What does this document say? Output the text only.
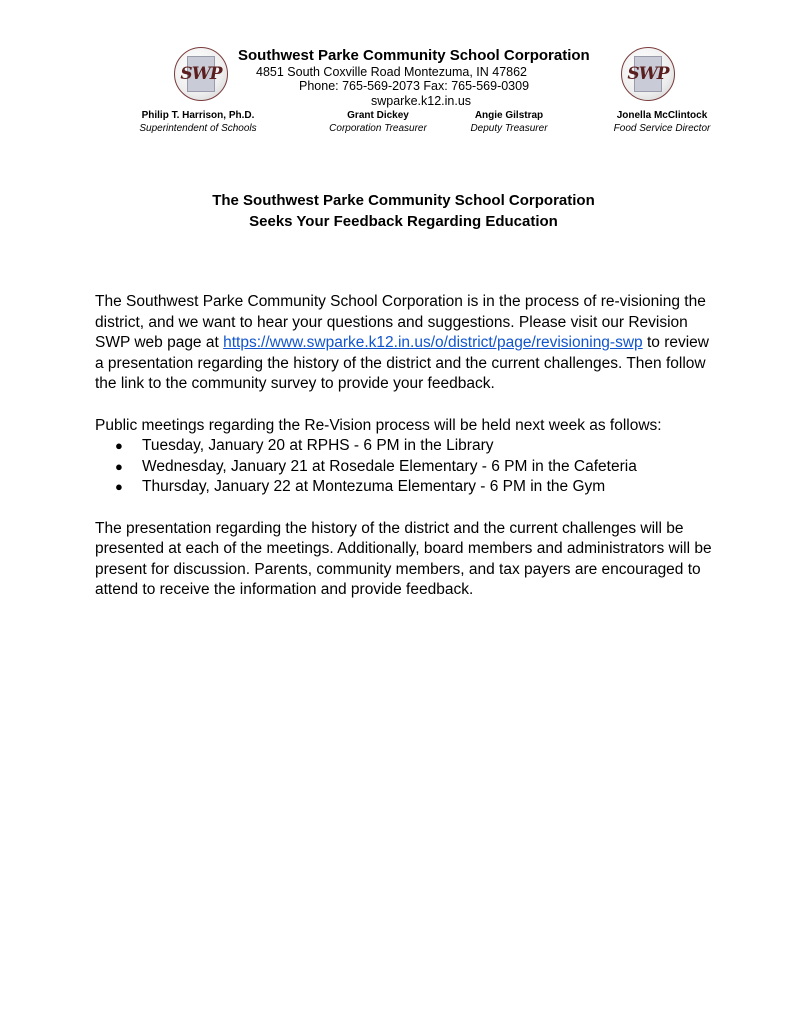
SWP	SWP
Southwest Parke Community School Corporation
4851 South Coxville Road Montezuma, IN 47862
Phone: 765-569-2073 Fax: 765-569-0309
swparke.k12.in.us
Philip T. Harrison, Ph.D.
Superintendent of Schools
Grant Dickey
Corporation Treasurer
Angie Gilstrap
Deputy Treasurer
Jonella McClintock
Food Service Director
The Southwest Parke Community School Corporation
Seeks Your Feedback Regarding Education

The Southwest Parke Community School Corporation is in the process of re-visioning the district, and we want to hear your questions and suggestions. Please visit our Revision SWP web page at https://www.swparke.k12.in.us/o/district/page/revisioning-swp to review a presentation regarding the history of the district and the current challenges. Then follow the link to the community survey to provide your feedback.

Public meetings regarding the Re-Vision process will be held next week as follows:
● Tuesday, January 20 at RPHS - 6 PM in the Library
● Wednesday, January 21 at Rosedale Elementary - 6 PM in the Cafeteria
● Thursday, January 22 at Montezuma Elementary - 6 PM in the Gym

The presentation regarding the history of the district and the current challenges will be presented at each of the meetings. Additionally, board members and administrators will be present for discussion. Parents, community members, and tax payers are encouraged to attend to receive the information and provide feedback.
